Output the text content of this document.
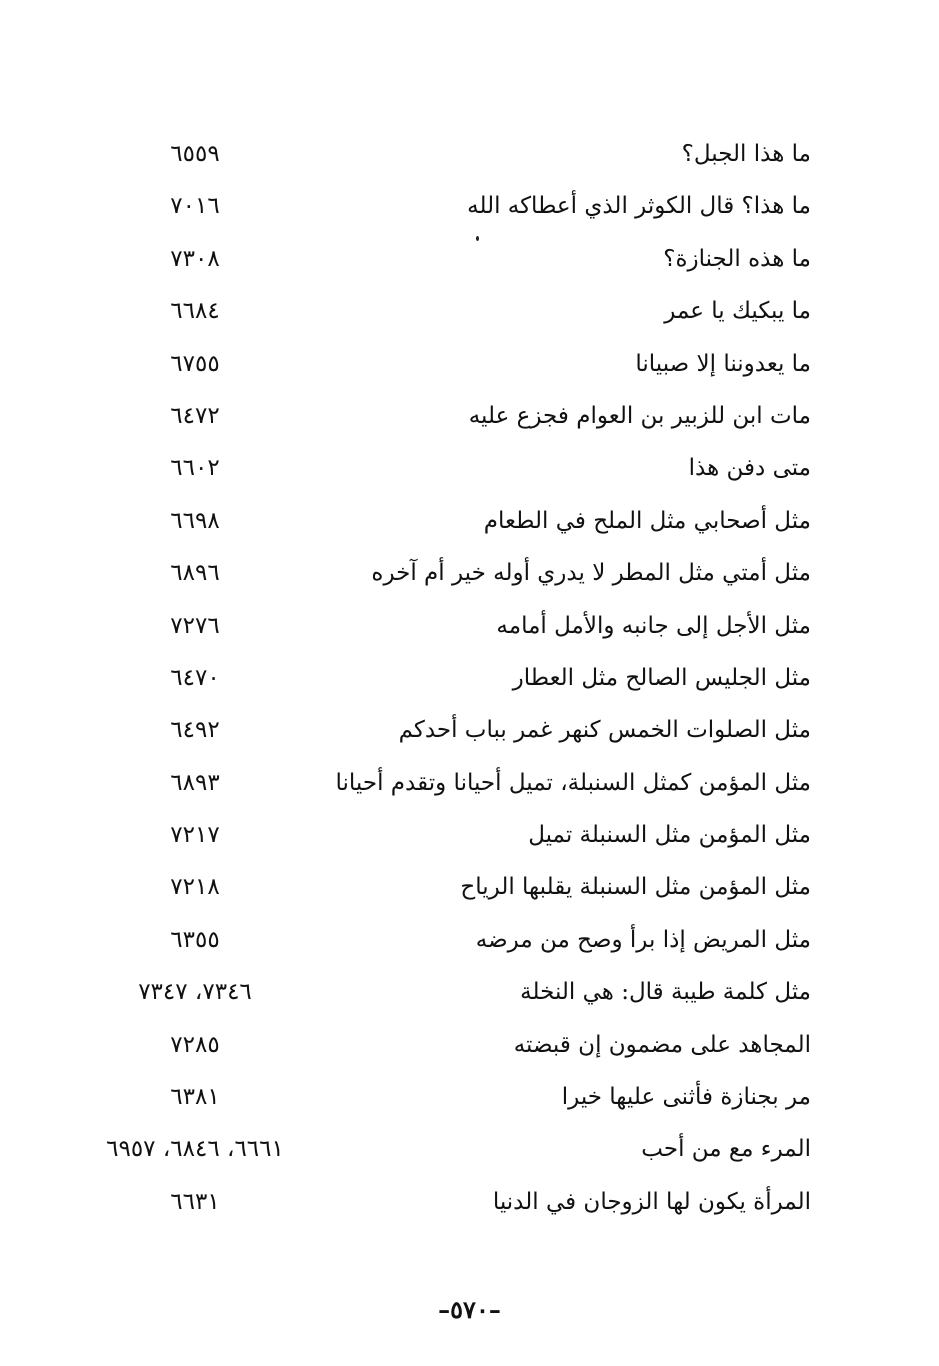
ما هذا الجبل؟
٦٥٥٩
ما هذا؟ قال الكوثر الذي أعطاكه الله
٧٠١٦
ما هذه الجنازة؟
٧٣٠٨
ما يبكيك يا عمر
٦٦٨٤
ما يعدوننا إلا صبيانا
٦٧٥٥
مات ابن للزبير بن العوام فجزع عليه
٦٤٧٢
متى دفن هذا
٦٦٠٢
مثل أصحابي مثل الملح في الطعام
٦٦٩٨
مثل أمتي مثل المطر لا يدري أوله خير أم آخره
٦٨٩٦
مثل الأجل إلى جانبه والأمل أمامه
٧٢٧٦
مثل الجليس الصالح مثل العطار
٦٤٧٠
مثل الصلوات الخمس كنهر غمر بباب أحدكم
٦٤٩٢
مثل المؤمن كمثل السنبلة، تميل أحيانا وتقدم أحيانا
٦٨٩٣
مثل المؤمن مثل السنبلة تميل
٧٢١٧
مثل المؤمن مثل السنبلة يقلبها الرياح
٧٢١٨
مثل المريض إذا برأ وصح من مرضه
٦٣٥٥
مثل كلمة طيبة قال: هي النخلة
٧٣٤٦، ٧٣٤٧
المجاهد على مضمون إن قبضته
٧٢٨٥
مر بجنازة فأثنى عليها خيرا
٦٣٨١
المرء مع من أحب
٦٦٦١، ٦٨٤٦، ٦٩٥٧
المرأة يكون لها الزوجان في الدنيا
٦٦٣١
–٥٧٠–
